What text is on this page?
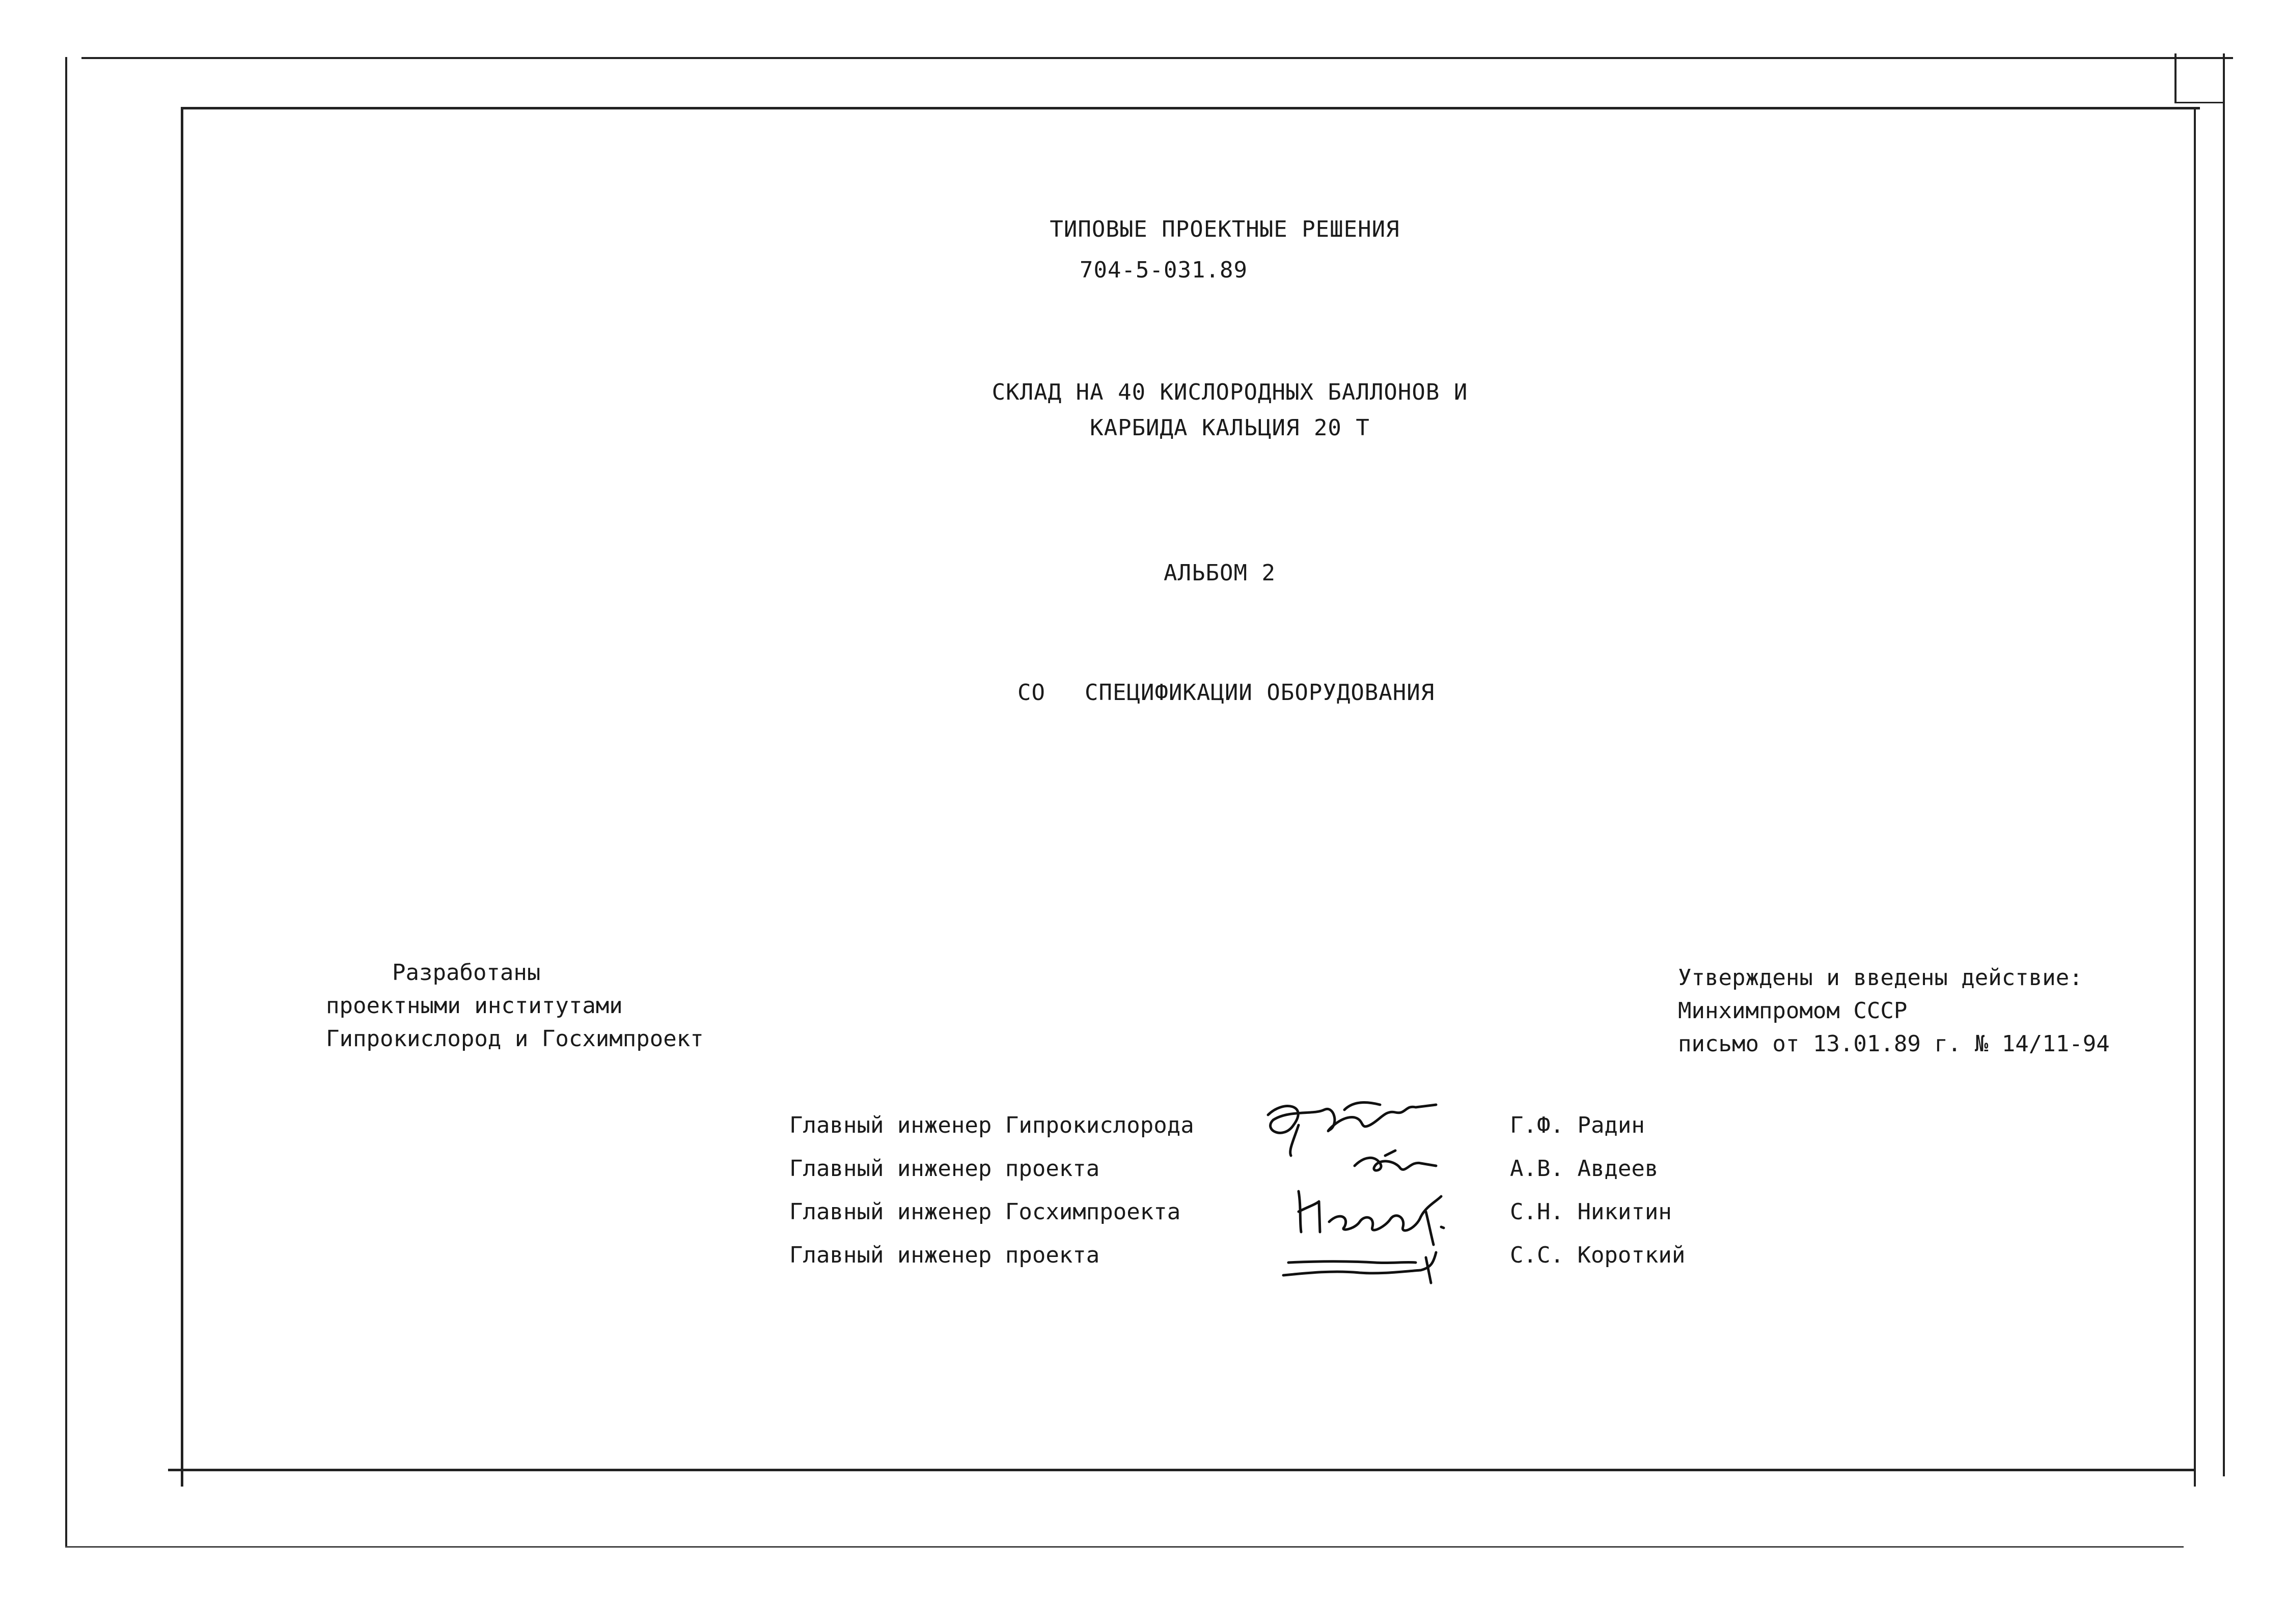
ТИПОВЫЕ ПРОЕКТНЫЕ РЕШЕНИЯ
704-5-031.89
СКЛАД НА 40 КИСЛОРОДНЫХ БАЛЛОНОВ И
КАРБИДА КАЛЬЦИЯ 20 Т
АЛЬБОМ 2
СО СПЕЦИФИКАЦИИ ОБОРУДОВАНИЯ
Разработаны
проектными институтами
Гипрокислород и Госхимпроект
Утверждены и введены действие:
Минхимпромом СССР
письмо от 13.01.89 г. № 14/11-94
Главный инженер Гипрокислорода	Г.Ф. Радин
Главный инженер проекта	А.В. Авдеев
Главный инженер Госхимпроекта	С.Н. Никитин
Главный инженер проекта	С.С. Короткий
